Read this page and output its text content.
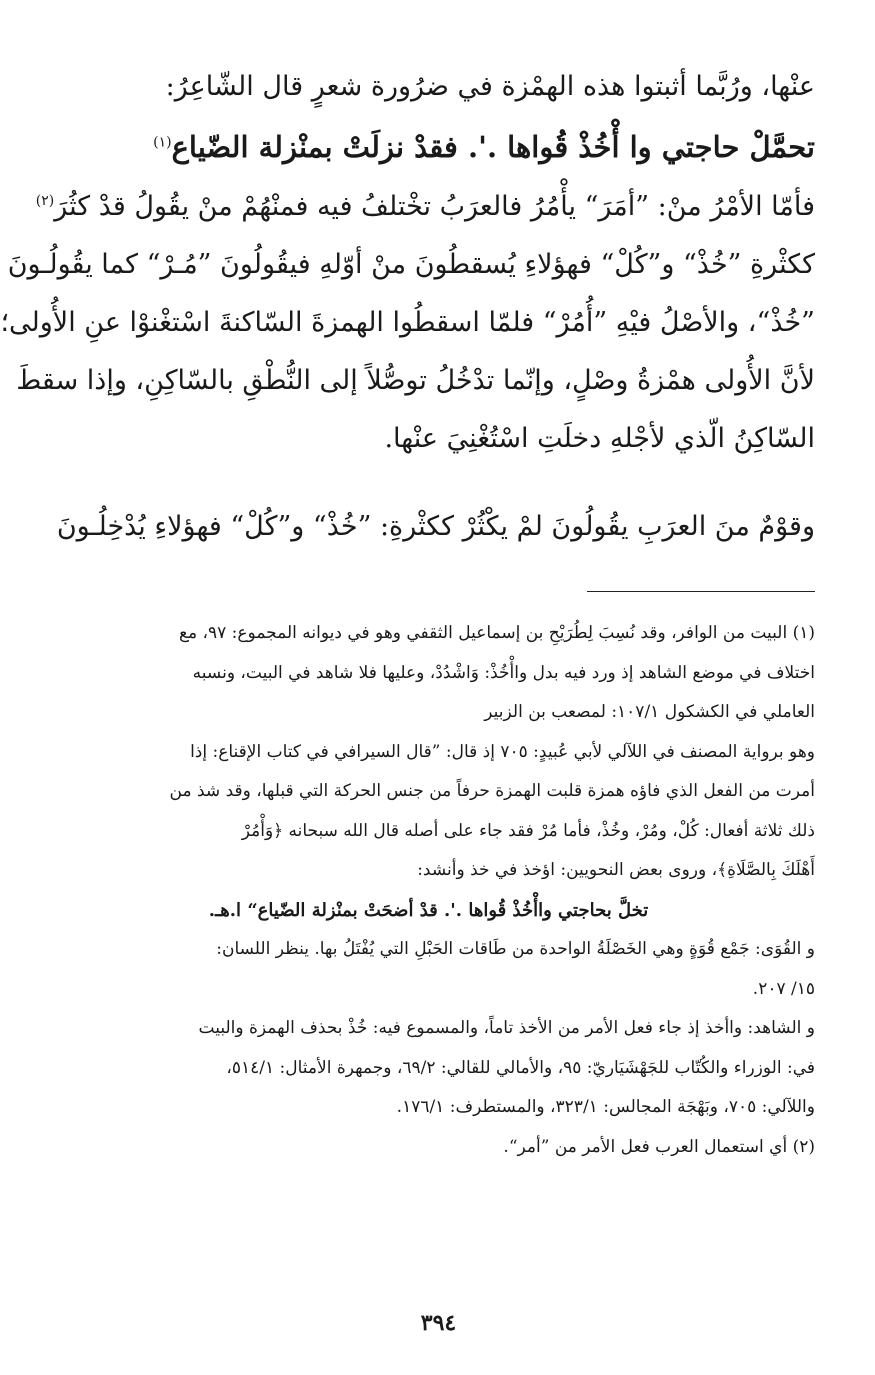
عنْها، ورُبَّما أثبتوا هذه الهمْزة في ضرُورة شعرٍ قال الشّاعِرُ:

تحمَّلْ حاجتي وا أْخُذْ قُواها .'. فقدْ نزلَتْ بمنْزلة الضّياع$^{(١)}$

فأمّا الأمْرُ منْ: ”أمَرَ“ يأْمُرُ فالعرَبُ تخْتلفُ فيه فمنْهُمْ منْ يقُولُ قدْ كثُرَ$^{(٢)}$

ككثْرةِ ”خُذْ“ و”كُلْ“ فهؤلاءِ يُسقطُونَ منْ أوّلهِ فيقُولُونَ ”مُـرْ“ كما يقُولُـونَ

”خُذْ“، والأصْلُ فيْهِ ”أُمُرْ“ فلمّا اسقطُوا الهمزةَ السّاكنةَ اسْتغْنوْا عنِ الأُولى؛

لأنَّ الأُولى همْزةُ وصْلٍ، وإنّما تدْخُلُ توصُّلاً إلى النُّطْقِ بالسّاكِنِ، وإذا سقطَ

السّاكِنُ الّذي لأجْلهِ دخلَتِ اسْتُغْنِيَ عنْها.

وقوْمٌ منَ العرَبِ يقُولُونَ لمْ يكْثُرْ ككثْرةِ: ”خُذْ“ و”كُلْ“ فهؤلاءِ يُدْخِلُـونَ

(١) البيت من الوافر، وقد نُسِبَ لِطُرَيْحِ بن إسماعيل الثقفي وهو في ديوانه المجموع: ٩٧، مع

اختلاف في موضع الشاهد إذ ورد فيه بدل واأْخُذْ: وَاشْدُدْ، وعليها فلا شاهد في البيت، ونسبه

العاملي في الكشكول ١٠٧/١: لمصعب بن الزبير

وهو برواية المصنف في اللآلي لأبي عُبيدٍ: ٧٠٥ إذ قال: ”قال السيرافي في كتاب الإقناع: إذا

أمرت من الفعل الذي فاؤه همزة قلبت الهمزة حرفاً من جنس الحركة التي قبلها، وقد شذ من

ذلك ثلاثة أفعال: كُلْ، ومُرْ، وخُذْ، فأما مُرْ فقد جاء على أصله قال الله سبحانه ﴿وَأْمُرْ

أَهْلَكَ بِالصَّلَاةِ﴾، وروى بعض النحويين: اؤخذ في خذ وأنشد:

تخلَّ بحاجتي واأْخُذْ قُواها .'. قدْ أضحَتْ بمنْزلة الضّياع“ ا.هـ.

و القُوَى: جَمْع قُوَةٍ وهي الخَصْلَةُ الواحدة من طَاقات الحَبْلِ التي يُفْتَلُ بها. ينظر اللسان:

١٥/ ٢٠٧.

و الشاهد: واأخذ إذ جاء فعل الأمر من الأخذ تاماً، والمسموع فيه: خُذْ بحذف الهمزة والبيت

في: الوزراء والكُتّاب للجَهْشَيَاريّ: ٩٥، والأمالي للقالي: ٦٩/٢، وجمهرة الأمثال: ٥١٤/١،

واللآلي: ٧٠٥، وبَهْجَة المجالس: ٣٢٣/١، والمستطرف: ١٧٦/١.

(٢) أي استعمال العرب فعل الأمر من ”أمر“.

٣٩٤
